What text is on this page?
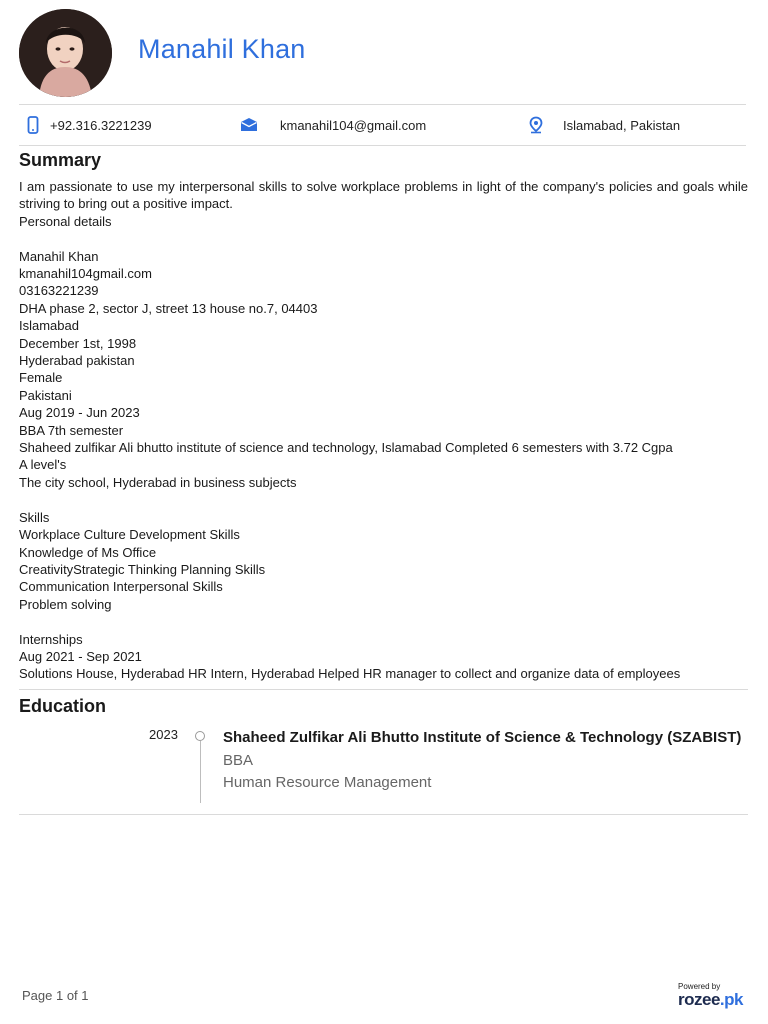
Manahil Khan
+92.316.3221239	kmanahil104@gmail.com	Islamabad, Pakistan
Summary

I am passionate to use my interpersonal skills to solve workplace problems in light of the company's policies and goals while striving to bring out a positive impact.

Personal details

Manahil Khan

kmanahil104gmail.com

03163221239

DHA phase 2, sector J, street 13 house no.7, 04403

Islamabad

December 1st, 1998

Hyderabad pakistan

Female

Pakistani

Aug 2019 - Jun 2023

BBA 7th semester

Shaheed zulfikar Ali bhutto institute of science and technology, Islamabad Completed 6 semesters with 3.72 Cgpa

A level's

The city school, Hyderabad in business subjects

Skills

Workplace Culture Development Skills

Knowledge of Ms Office

CreativityStrategic Thinking Planning Skills

Communication Interpersonal Skills

Problem solving

Internships

Aug 2021 - Sep 2021

Solutions House, Hyderabad HR Intern, Hyderabad Helped HR manager to collect and organize data of employees

Education
2023	Shaheed Zulfikar Ali Bhutto Institute of Science & Technology (SZABIST)
BBA
Human Resource Management
Page 1 of 1
Powered by
rozee.pk
